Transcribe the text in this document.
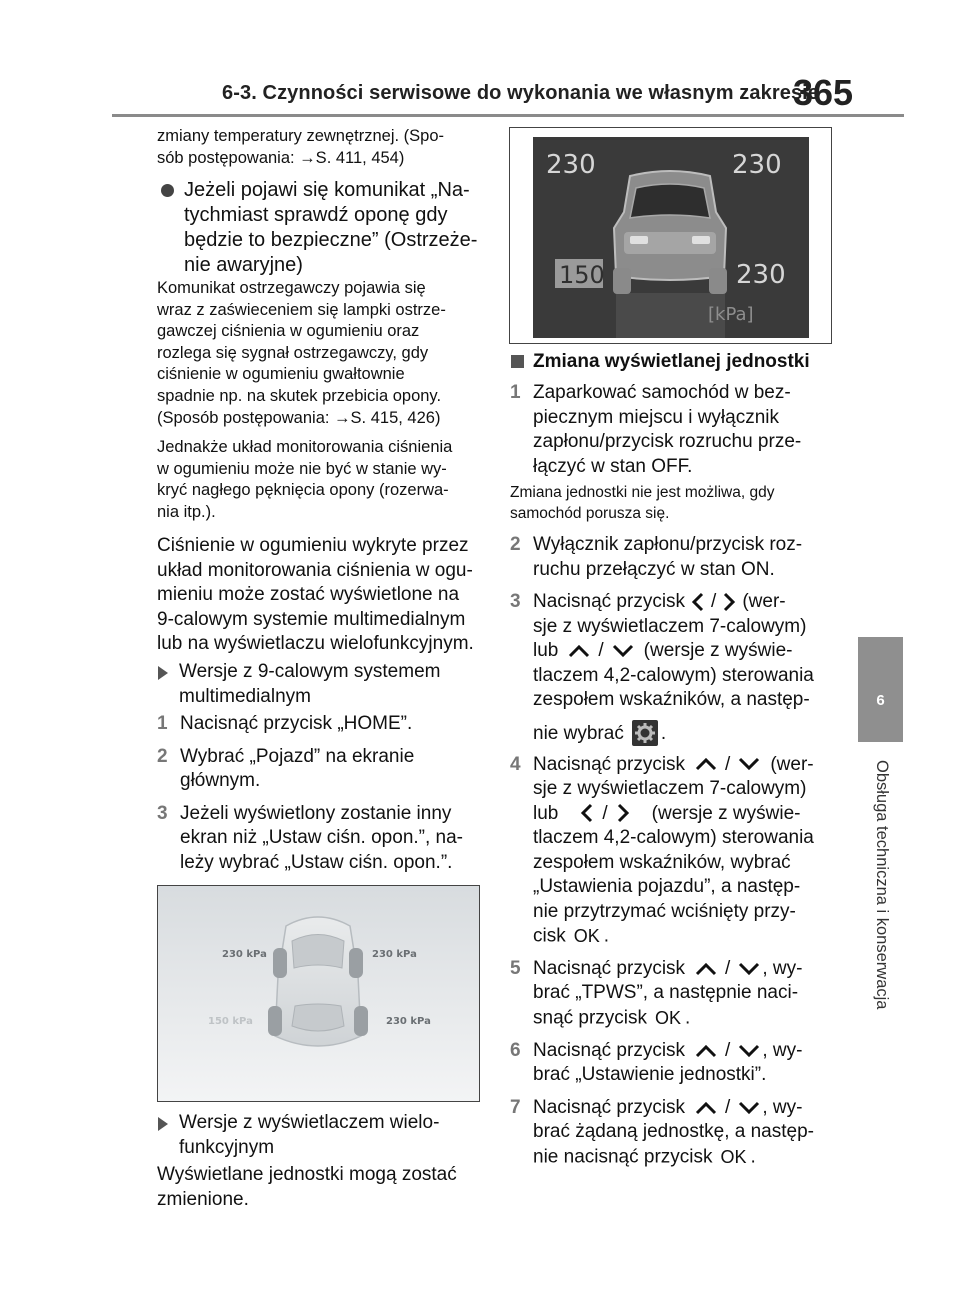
6-3. Czynności serwisowe do wykonania we własnym zakresie
365
6
Obsługa techniczna i konserwacja
zmiany temperatury zewnętrznej. (Spo-
sób postępowania: →S. 411, 454)
Jeżeli pojawi się komunikat „Na-
tychmiast sprawdź oponę gdy
będzie to bezpieczne” (Ostrzeże-
nie awaryjne)
Komunikat ostrzegawczy pojawia się
wraz z zaświeceniem się lampki ostrze-
gawczej ciśnienia w ogumieniu oraz
rozlega się sygnał ostrzegawczy, gdy
ciśnienie w ogumieniu gwałtownie
spadnie np. na skutek przebicia opony.
(Sposób postępowania: →S. 415, 426)
Jednakże układ monitorowania ciśnienia
w ogumieniu może nie być w stanie wy-
kryć nagłego pęknięcia opony (rozerwa-
nia itp.).
Ciśnienie w ogumieniu wykryte przez
układ monitorowania ciśnienia w ogu-
mieniu może zostać wyświetlone na
9-calowym systemie multimedialnym
lub na wyświetlaczu wielofunkcyjnym.
Wersje z 9-calowym systemem
multimedialnym
1 Nacisnąć przycisk „HOME”.
2 Wybrać „Pojazd” na ekranie
głównym.
3 Jeżeli wyświetlony zostanie inny
ekran niż „Ustaw ciśn. opon.”, na-
leży wybrać „Ustaw ciśn. opon.”.
230 kPa	230 kPa
150 kPa	230 kPa
Wersje z wyświetlaczem wielo-
funkcyjnym
Wyświetlane jednostki mogą zostać
zmienione.
230	230
150	230
[kPa]
Zmiana wyświetlanej jednostki
1 Zaparkować samochód w bez-
piecznym miejscu i wyłącznik
zapłonu/przycisk rozruchu prze-
łączyć w stan OFF.
Zmiana jednostki nie jest możliwa, gdy
samochód porusza się.
2 Wyłącznik zapłonu/przycisk roz-
ruchu przełączyć w stan ON.
3 Nacisnąć przycisk / (wer-
sje z wyświetlaczem 7-calowym)
lub / (wersje z wyświe-
tlaczem 4,2-calowym) sterowania
zespołem wskaźników, a następ-
nie wybrać .
4 Nacisnąć przycisk / (wer-
sje z wyświetlaczem 7-calowym)
lub / (wersje z wyświe-
tlaczem 4,2-calowym) sterowania
zespołem wskaźników, wybrać
„Ustawienia pojazdu”, a następ-
nie przytrzymać wciśnięty przy-
cisk OK .
5 Nacisnąć przycisk / , wy-
brać „TPWS”, a następnie naci-
snąć przycisk OK .
6 Nacisnąć przycisk / , wy-
brać „Ustawienie jednostki”.
7 Nacisnąć przycisk / , wy-
brać żądaną jednostkę, a następ-
nie nacisnąć przycisk OK .
